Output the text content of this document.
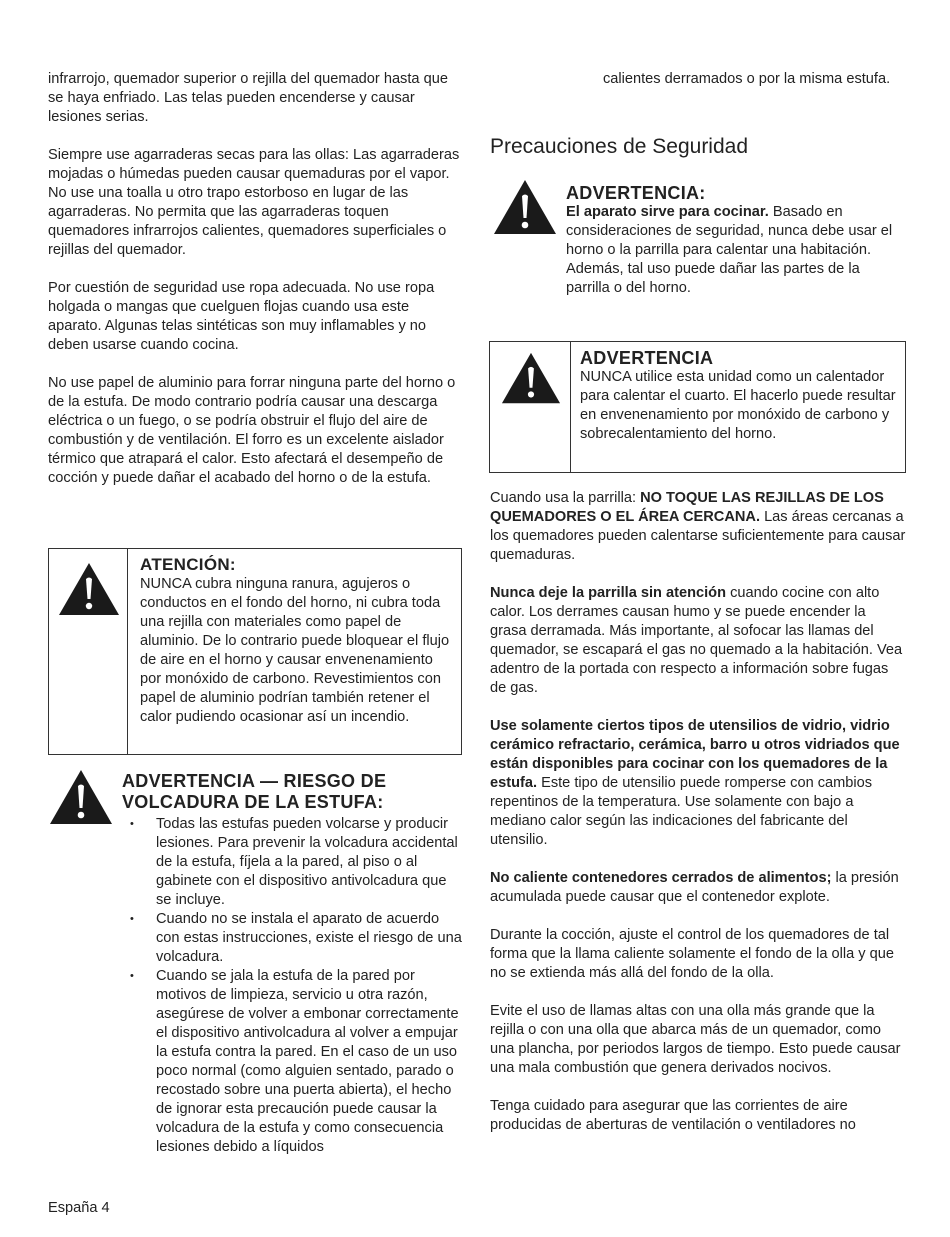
infrarrojo, quemador superior o rejilla del quemador hasta que se haya enfriado. Las telas pueden encenderse y causar lesiones serias.

Siempre use agarraderas secas para las ollas: Las agarraderas mojadas o húmedas pueden causar quemaduras por el vapor. No use una toalla u otro trapo estorboso en lugar de las agarraderas. No permita que las agarraderas toquen quemadores infrarrojos calientes, quemadores superficiales o rejillas del quemador.

Por cuestión de seguridad use ropa adecuada. No use ropa holgada o mangas que cuelguen flojas cuando usa este aparato. Algunas telas sintéticas son muy inflamables y no deben usarse cuando cocina.

No use papel de aluminio para forrar ninguna parte del horno o de la estufa. De modo contrario podría causar una descarga eléctrica o un fuego, o se podría obstruir el flujo del aire de combustión y de ventilación. El forro es un excelente aislador térmico que atrapará el calor. Esto afectará el desempeño de cocción y puede dañar el acabado del horno o de la estufa.

ATENCIÓN:

NUNCA cubra ninguna ranura, agujeros o conductos en el fondo del horno, ni cubra toda una rejilla con materiales como papel de aluminio. De lo contrario puede bloquear el flujo de aire en el horno y causar envenenamiento por monóxido de carbono. Revestimientos con papel de aluminio podrían también retener el calor pudiendo ocasionar así un incendio.

ADVERTENCIA — RIESGO DE VOLCADURA DE LA ESTUFA:

• Todas las estufas pueden volcarse y producir lesiones. Para prevenir la volcadura accidental de la estufa, fíjela a la pared, al piso o al gabinete con el dispositivo antivolcadura que se incluye.
• Cuando no se instala el aparato de acuerdo con estas instrucciones, existe el riesgo de una volcadura.
• Cuando se jala la estufa de la pared por motivos de limpieza, servicio u otra razón, asegúrese de volver a embonar correctamente el dispositivo antivolcadura al volver a empujar la estufa contra la pared. En el caso de un uso poco normal (como alguien sentado, parado o recostado sobre una puerta abierta), el hecho de ignorar esta precaución puede causar la volcadura de la estufa y como consecuencia lesiones debido a líquidos

calientes derramados o por la misma estufa.

Precauciones de Seguridad

ADVERTENCIA:

El aparato sirve para cocinar. Basado en consideraciones de seguridad, nunca debe usar el horno o la parrilla para calentar una habitación. Además, tal uso puede dañar las partes de la parrilla o del horno.

ADVERTENCIA

NUNCA utilice esta unidad como un calentador para calentar el cuarto. El hacerlo puede resultar en envenenamiento por monóxido de carbono y sobrecalentamiento del horno.

Cuando usa la parrilla: NO TOQUE LAS REJILLAS DE LOS QUEMADORES O EL ÁREA CERCANA. Las áreas cercanas a los quemadores pueden calentarse suficientemente para causar quemaduras.

Nunca deje la parrilla sin atención cuando cocine con alto calor. Los derrames causan humo y se puede encender la grasa derramada. Más importante, al sofocar las llamas del quemador, se escapará el gas no quemado a la habitación. Vea adentro de la portada con respecto a información sobre fugas de gas.

Use solamente ciertos tipos de utensilios de vidrio, vidrio cerámico refractario, cerámica, barro u otros vidriados que están disponibles para cocinar con los quemadores de la estufa. Este tipo de utensilio puede romperse con cambios repentinos de la temperatura. Use solamente con bajo a mediano calor según las indicaciones del fabricante del utensilio.

No caliente contenedores cerrados de alimentos; la presión acumulada puede causar que el contenedor explote.

Durante la cocción, ajuste el control de los quemadores de tal forma que la llama caliente solamente el fondo de la olla y que no se extienda más allá del fondo de la olla.

Evite el uso de llamas altas con una olla más grande que la rejilla o con una olla que abarca más de un quemador, como una plancha, por periodos largos de tiempo. Esto puede causar una mala combustión que genera derivados nocivos.

Tenga cuidado para asegurar que las corrientes de aire producidas de aberturas de ventilación o ventiladores no

España 4
